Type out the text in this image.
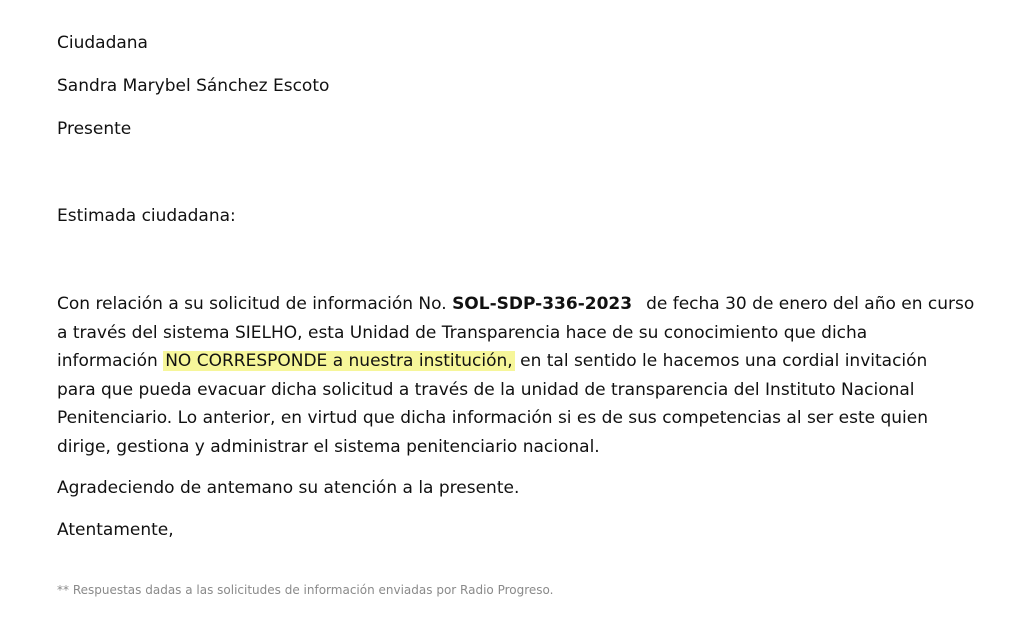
Ciudadana
Sandra Marybel Sánchez Escoto
Presente
Estimada ciudadana:
Con relación a su solicitud de información No. SOL-SDP-336-2023 de fecha 30 de enero del año en curso
a través del sistema SIELHO, esta Unidad de Transparencia hace de su conocimiento que dicha
información NO CORRESPONDE a nuestra institución, en tal sentido le hacemos una cordial invitación
para que pueda evacuar dicha solicitud a través de la unidad de transparencia del Instituto Nacional
Penitenciario. Lo anterior, en virtud que dicha información si es de sus competencias al ser este quien
dirige, gestiona y administrar el sistema penitenciario nacional.
Agradeciendo de antemano su atención a la presente.
Atentamente,
** Respuestas dadas a las solicitudes de información enviadas por Radio Progreso.
